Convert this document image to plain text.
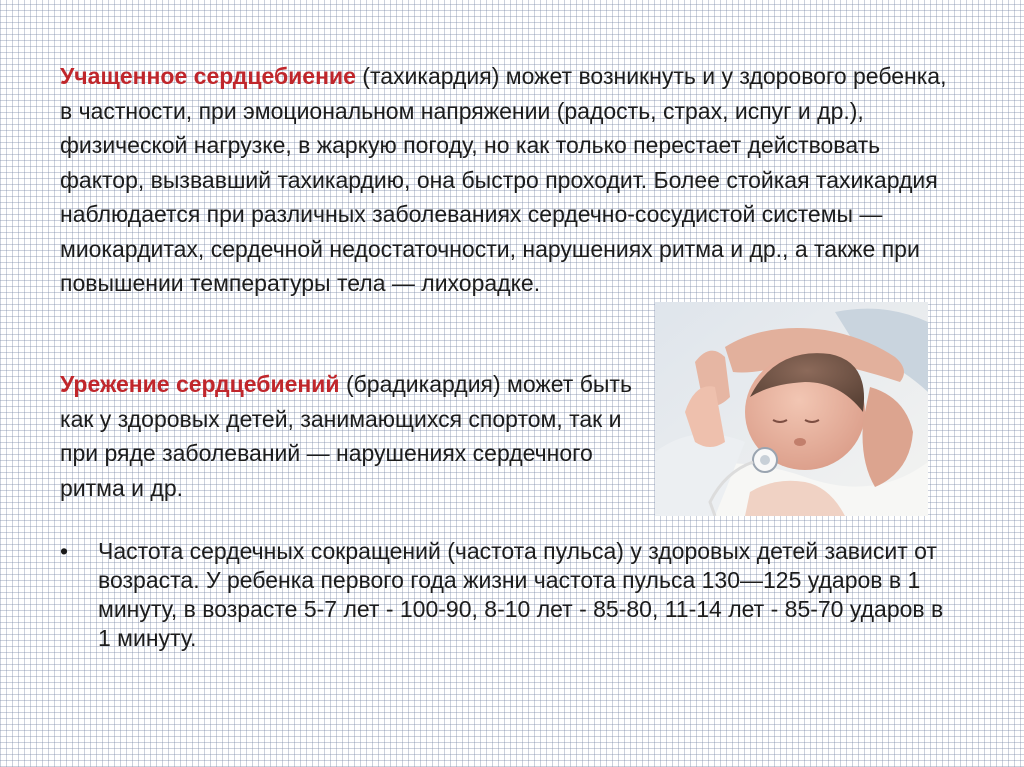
Учащенное сердцебиение (тахикардия) может возникнуть и у здорового ребенка, в частности, при эмоциональном напряжении (радость, страх, испуг и др.), физической нагрузке, в жаркую погоду, но как только перестает действовать фактор, вызвавший тахикардию, она быстро проходит. Более стойкая тахикардия наблюдается при различных заболеваниях сердечно-сосудистой системы — миокардитах, сердечной недостаточности, нарушениях ритма и др., а также при повышении температуры тела — лихорадке.

Урежение сердцебиений (брадикардия) может быть как у здоровых детей, занимающихся спортом, так и при ряде заболеваний — нарушениях сердечного ритма и др.

• Частота сердечных сокращений (частота пульса) у здоровых детей зависит от возраста. У ребенка первого года жизни частота пульса 130—125 ударов в 1 минуту, в возрасте 5-7 лет - 100-90, 8-10 лет - 85-80, 11-14 лет - 85-70 ударов в 1 минуту.
